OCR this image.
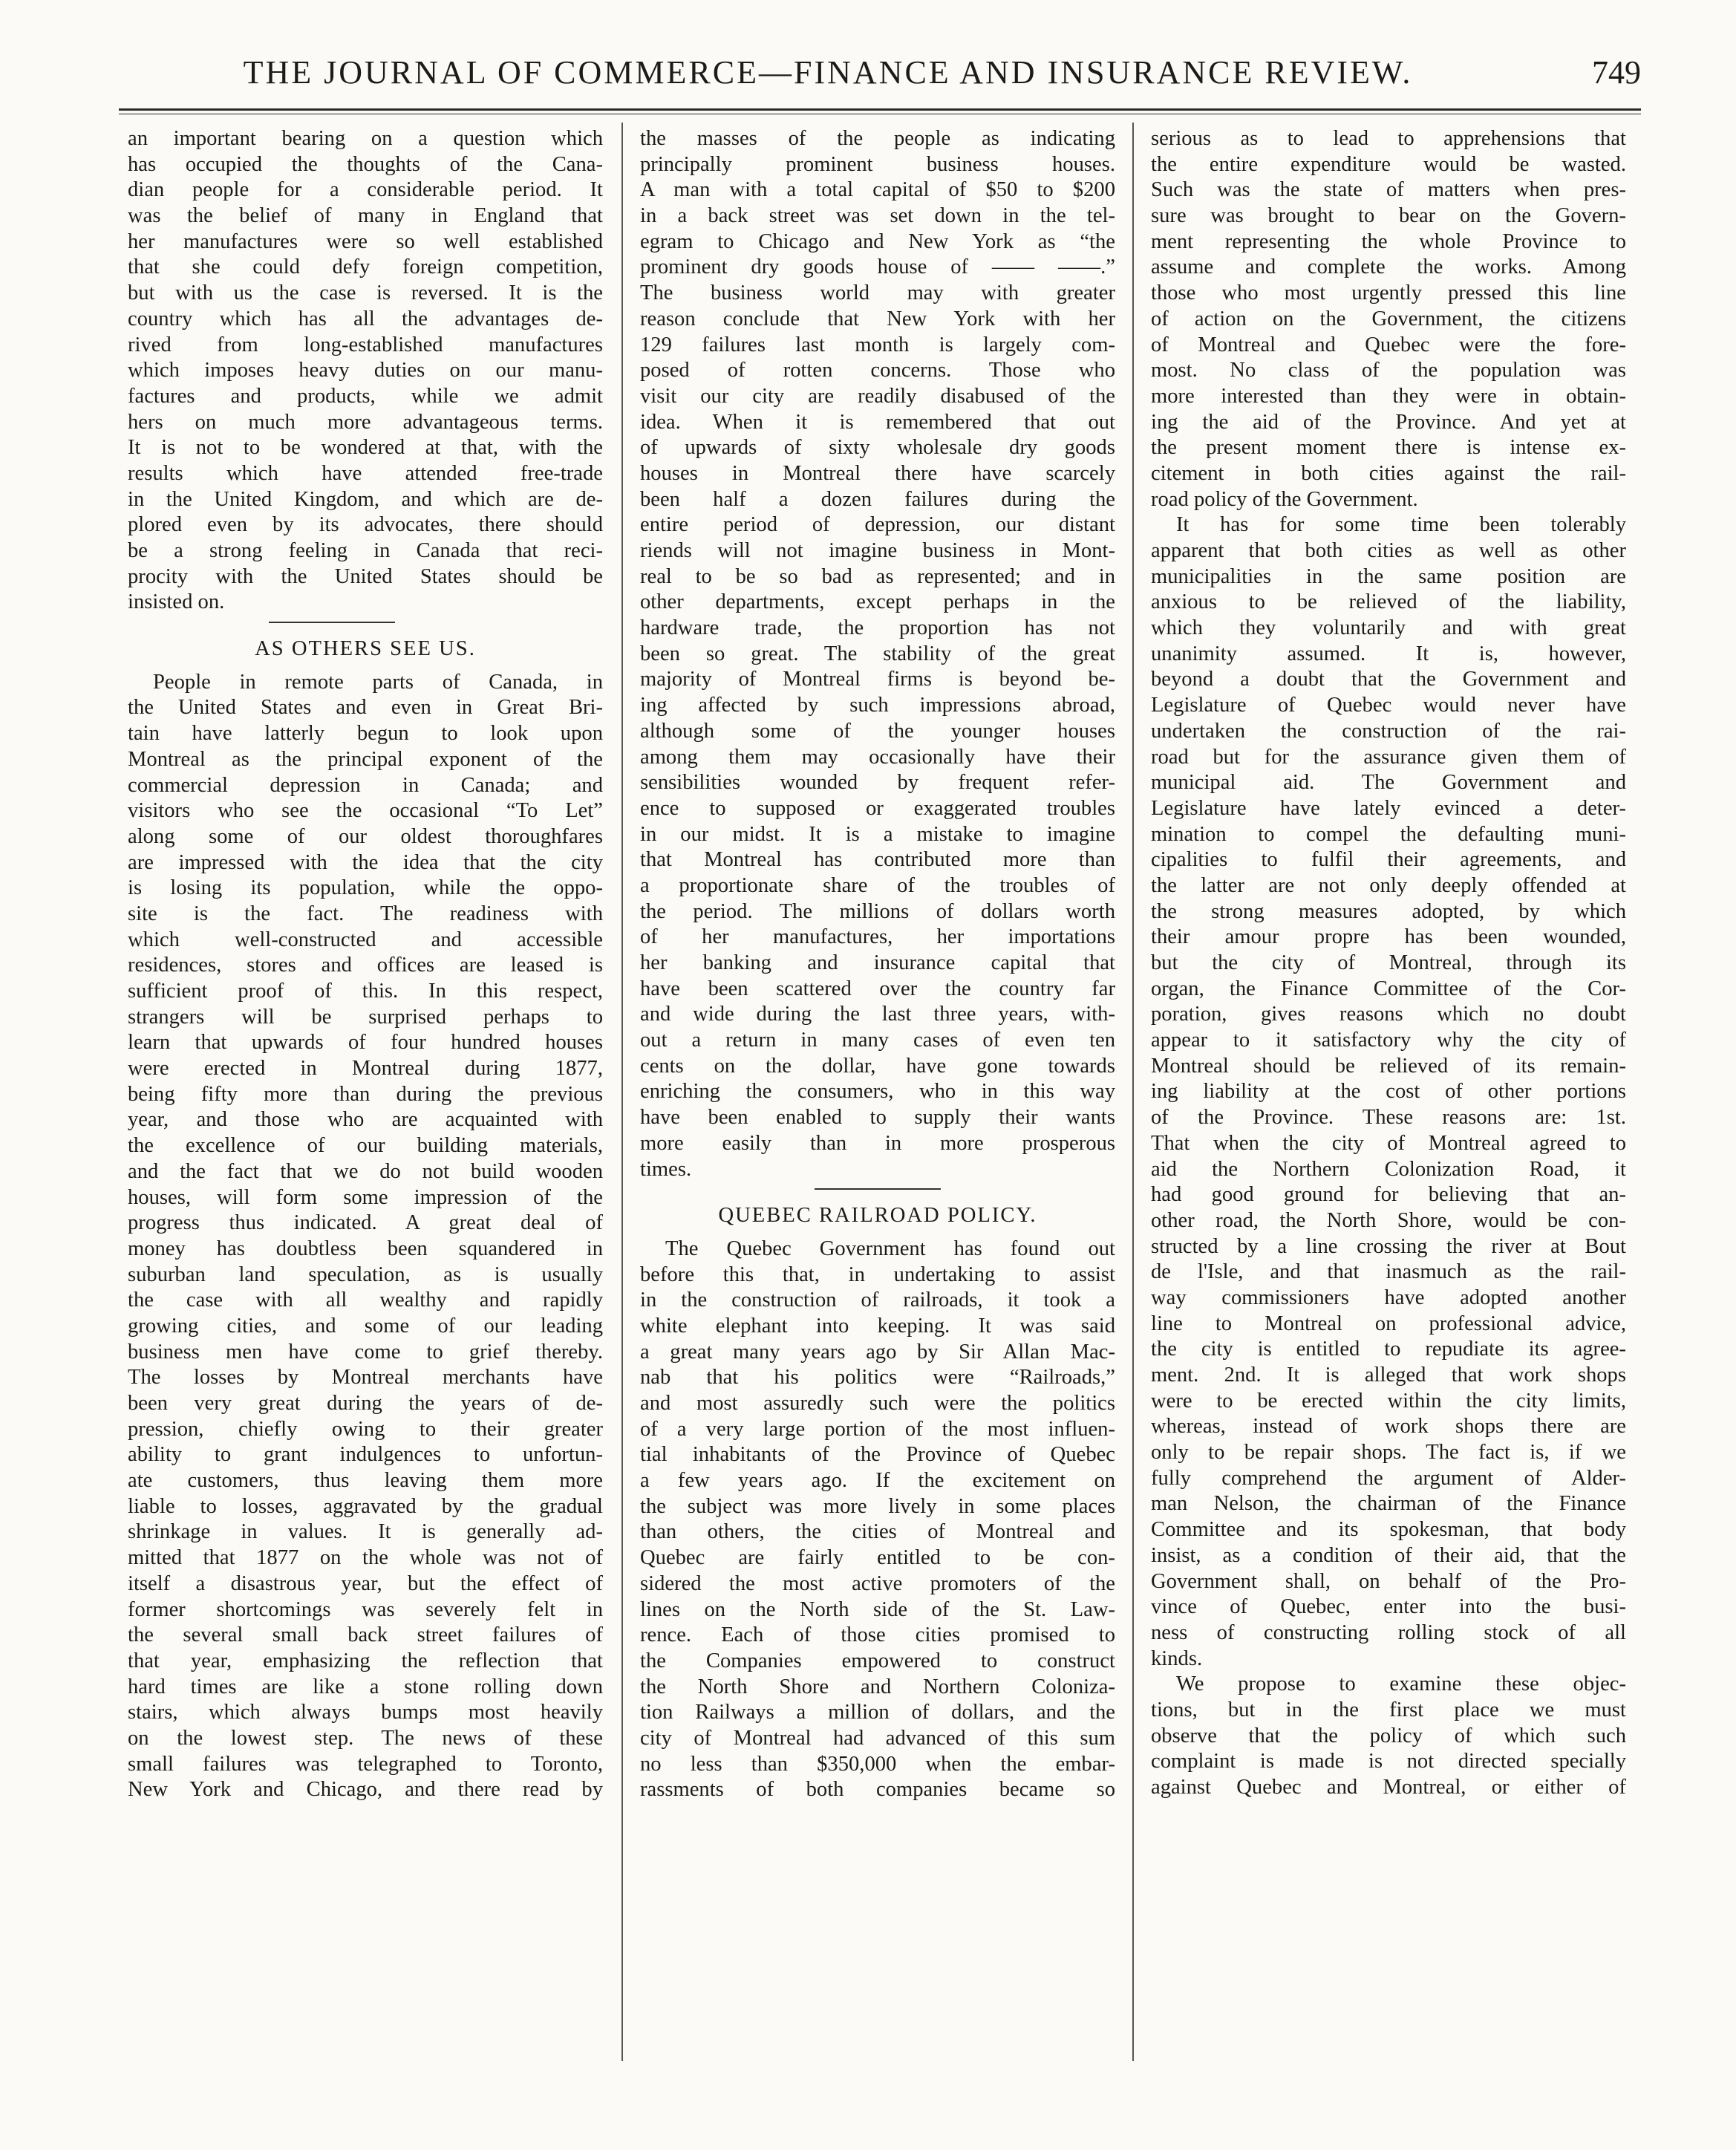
THE JOURNAL OF COMMERCE—FINANCE AND INSURANCE REVIEW.	749
an important bearing on a question which
has occupied the thoughts of the Cana-
dian people for a considerable period. It
was the belief of many in England that
her manufactures were so well established
that she could defy foreign competition,
but with us the case is reversed. It is the
country which has all the advantages de-
rived from long-established manufactures
which imposes heavy duties on our manu-
factures and products, while we admit
hers on much more advantageous terms.
It is not to be wondered at that, with the
results which have attended free-trade
in the United Kingdom, and which are de-
plored even by its advocates, there should
be a strong feeling in Canada that reci-
procity with the United States should be
insisted on.
AS OTHERS SEE US.
People in remote parts of Canada, in
the United States and even in Great Bri-
tain have latterly begun to look upon
Montreal as the principal exponent of the
commercial depression in Canada; and
visitors who see the occasional “To Let”
along some of our oldest thoroughfares
are impressed with the idea that the city
is losing its population, while the oppo-
site is the fact. The readiness with
which well-constructed and accessible
residences, stores and offices are leased is
sufficient proof of this. In this respect,
strangers will be surprised perhaps to
learn that upwards of four hundred houses
were erected in Montreal during 1877,
being fifty more than during the previous
year, and those who are acquainted with
the excellence of our building materials,
and the fact that we do not build wooden
houses, will form some impression of the
progress thus indicated. A great deal of
money has doubtless been squandered in
suburban land speculation, as is usually
the case with all wealthy and rapidly
growing cities, and some of our leading
business men have come to grief thereby.
The losses by Montreal merchants have
been very great during the years of de-
pression, chiefly owing to their greater
ability to grant indulgences to unfortun-
ate customers, thus leaving them more
liable to losses, aggravated by the gradual
shrinkage in values. It is generally ad-
mitted that 1877 on the whole was not of
itself a disastrous year, but the effect of
former shortcomings was severely felt in
the several small back street failures of
that year, emphasizing the reflection that
hard times are like a stone rolling down
stairs, which always bumps most heavily
on the lowest step. The news of these
small failures was telegraphed to Toronto,
New York and Chicago, and there read by
the masses of the people as indicating
principally prominent business houses.
A man with a total capital of $50 to $200
in a back street was set down in the tel-
egram to Chicago and New York as “the
prominent dry goods house of —— ——.”
The business world may with greater
reason conclude that New York with her
129 failures last month is largely com-
posed of rotten concerns. Those who
visit our city are readily disabused of the
idea. When it is remembered that out
of upwards of sixty wholesale dry goods
houses in Montreal there have scarcely
been half a dozen failures during the
entire period of depression, our distant
riends will not imagine business in Mont-
real to be so bad as represented; and in
other departments, except perhaps in the
hardware trade, the proportion has not
been so great. The stability of the great
majority of Montreal firms is beyond be-
ing affected by such impressions abroad,
although some of the younger houses
among them may occasionally have their
sensibilities wounded by frequent refer-
ence to supposed or exaggerated troubles
in our midst. It is a mistake to imagine
that Montreal has contributed more than
a proportionate share of the troubles of
the period. The millions of dollars worth
of her manufactures, her importations
her banking and insurance capital that
have been scattered over the country far
and wide during the last three years, with-
out a return in many cases of even ten
cents on the dollar, have gone towards
enriching the consumers, who in this way
have been enabled to supply their wants
more easily than in more prosperous
times.
QUEBEC RAILROAD POLICY.
The Quebec Government has found out
before this that, in undertaking to assist
in the construction of railroads, it took a
white elephant into keeping. It was said
a great many years ago by Sir Allan Mac-
nab that his politics were “Railroads,”
and most assuredly such were the politics
of a very large portion of the most influen-
tial inhabitants of the Province of Quebec
a few years ago. If the excitement on
the subject was more lively in some places
than others, the cities of Montreal and
Quebec are fairly entitled to be con-
sidered the most active promoters of the
lines on the North side of the St. Law-
rence. Each of those cities promised to
the Companies empowered to construct
the North Shore and Northern Coloniza-
tion Railways a million of dollars, and the
city of Montreal had advanced of this sum
no less than $350,000 when the embar-
rassments of both companies became so
serious as to lead to apprehensions that
the entire expenditure would be wasted.
Such was the state of matters when pres-
sure was brought to bear on the Govern-
ment representing the whole Province to
assume and complete the works. Among
those who most urgently pressed this line
of action on the Government, the citizens
of Montreal and Quebec were the fore-
most. No class of the population was
more interested than they were in obtain-
ing the aid of the Province. And yet at
the present moment there is intense ex-
citement in both cities against the rail-
road policy of the Government.
It has for some time been tolerably
apparent that both cities as well as other
municipalities in the same position are
anxious to be relieved of the liability,
which they voluntarily and with great
unanimity assumed. It is, however,
beyond a doubt that the Government and
Legislature of Quebec would never have
undertaken the construction of the rai-
road but for the assurance given them of
municipal aid. The Government and
Legislature have lately evinced a deter-
mination to compel the defaulting muni-
cipalities to fulfil their agreements, and
the latter are not only deeply offended at
the strong measures adopted, by which
their amour propre has been wounded,
but the city of Montreal, through its
organ, the Finance Committee of the Cor-
poration, gives reasons which no doubt
appear to it satisfactory why the city of
Montreal should be relieved of its remain-
ing liability at the cost of other portions
of the Province. These reasons are: 1st.
That when the city of Montreal agreed to
aid the Northern Colonization Road, it
had good ground for believing that an-
other road, the North Shore, would be con-
structed by a line crossing the river at Bout
de l'Isle, and that inasmuch as the rail-
way commissioners have adopted another
line to Montreal on professional advice,
the city is entitled to repudiate its agree-
ment. 2nd. It is alleged that work shops
were to be erected within the city limits,
whereas, instead of work shops there are
only to be repair shops. The fact is, if we
fully comprehend the argument of Alder-
man Nelson, the chairman of the Finance
Committee and its spokesman, that body
insist, as a condition of their aid, that the
Government shall, on behalf of the Pro-
vince of Quebec, enter into the busi-
ness of constructing rolling stock of all
kinds.
We propose to examine these objec-
tions, but in the first place we must
observe that the policy of which such
complaint is made is not directed specially
against Quebec and Montreal, or either of
